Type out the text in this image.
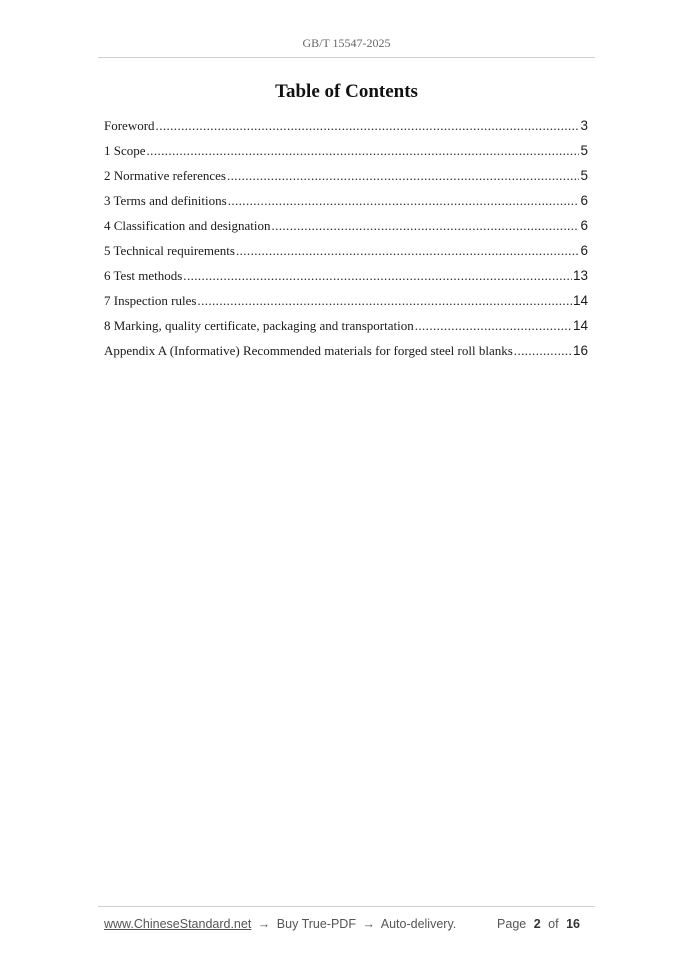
GB/T 15547-2025
Table of Contents
Foreword .....	3
1 Scope .....	5
2 Normative references .....	5
3 Terms and definitions .....	6
4 Classification and designation .....	6
5 Technical requirements .....	6
6 Test methods .....	13
7 Inspection rules .....	14
8 Marking, quality certificate, packaging and transportation .....	14
Appendix A (Informative) Recommended materials for forged steel roll blanks .....	16
www.ChineseStandard.net → Buy True-PDF → Auto-delivery.	Page 2 of 16
